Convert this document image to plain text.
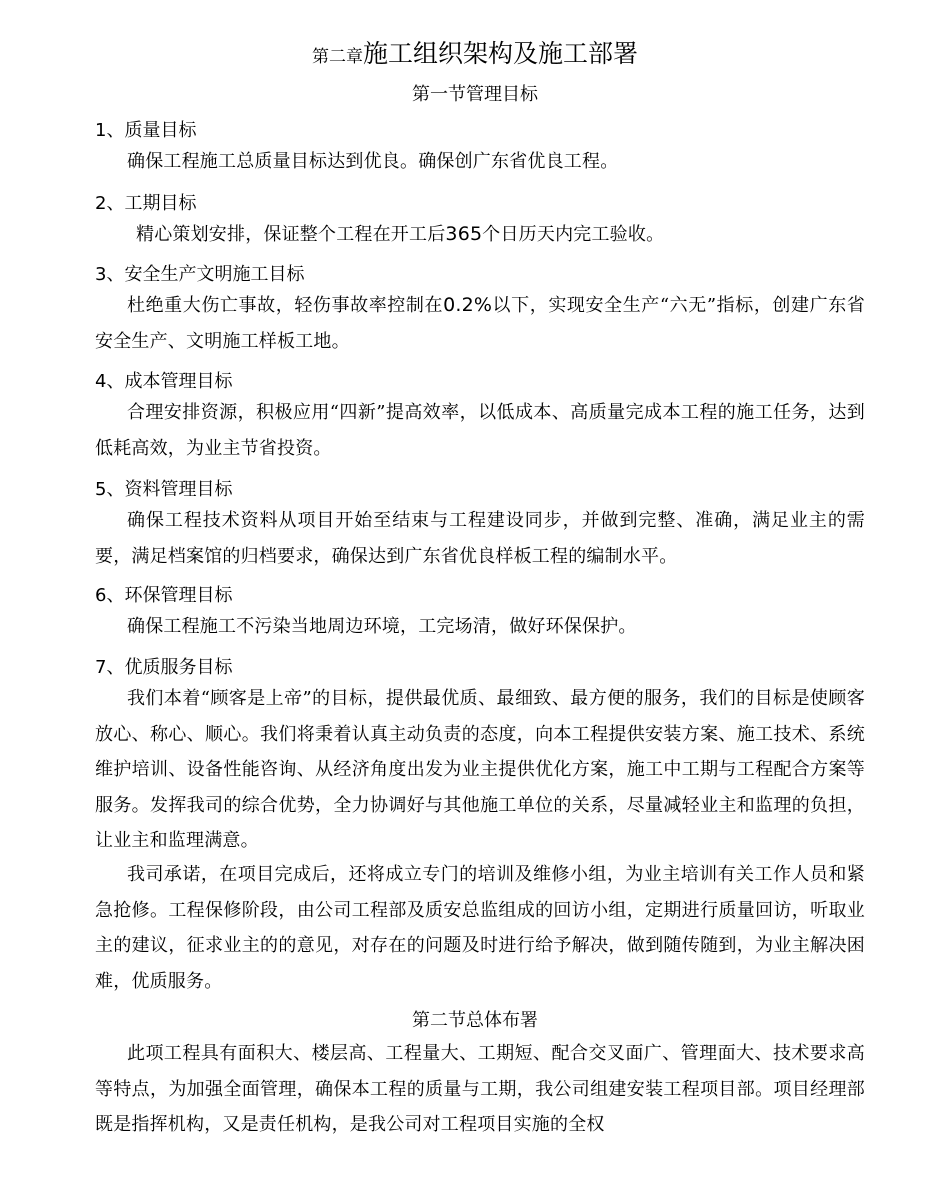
第二章施工组织架构及施工部署
第一节管理目标
1、质量目标

确保工程施工总质量目标达到优良。确保创广东省优良工程。

2、工期目标

精心策划安排，保证整个工程在开工后365个日历天内完工验收。

3、安全生产文明施工目标

杜绝重大伤亡事故，轻伤事故率控制在0.2%以下，实现安全生产“六无”指标，创建广东省安全生产、文明施工样板工地。

4、成本管理目标

合理安排资源，积极应用“四新”提高效率，以低成本、高质量完成本工程的施工任务，达到低耗高效，为业主节省投资。

5、资料管理目标

确保工程技术资料从项目开始至结束与工程建设同步，并做到完整、准确，满足业主的需要，满足档案馆的归档要求，确保达到广东省优良样板工程的编制水平。

6、环保管理目标

确保工程施工不污染当地周边环境，工完场清，做好环保保护。

7、优质服务目标

我们本着“顾客是上帝”的目标，提供最优质、最细致、最方便的服务，我们的目标是使顾客放心、称心、顺心。我们将秉着认真主动负责的态度，向本工程提供安装方案、施工技术、系统维护培训、设备性能咨询、从经济角度出发为业主提供优化方案，施工中工期与工程配合方案等服务。发挥我司的综合优势，全力协调好与其他施工单位的关系，尽量减轻业主和监理的负担，让业主和监理满意。

我司承诺，在项目完成后，还将成立专门的培训及维修小组，为业主培训有关工作人员和紧急抢修。工程保修阶段，由公司工程部及质安总监组成的回访小组，定期进行质量回访，听取业主的建议，征求业主的的意见，对存在的问题及时进行给予解决，做到随传随到，为业主解决困难，优质服务。

第二节总体布署

此项工程具有面积大、楼层高、工程量大、工期短、配合交叉面广、管理面大、技术要求高等特点，为加强全面管理，确保本工程的质量与工期，我公司组建安装工程项目部。项目经理部既是指挥机构，又是责任机构，是我公司对工程项目实施的全权
